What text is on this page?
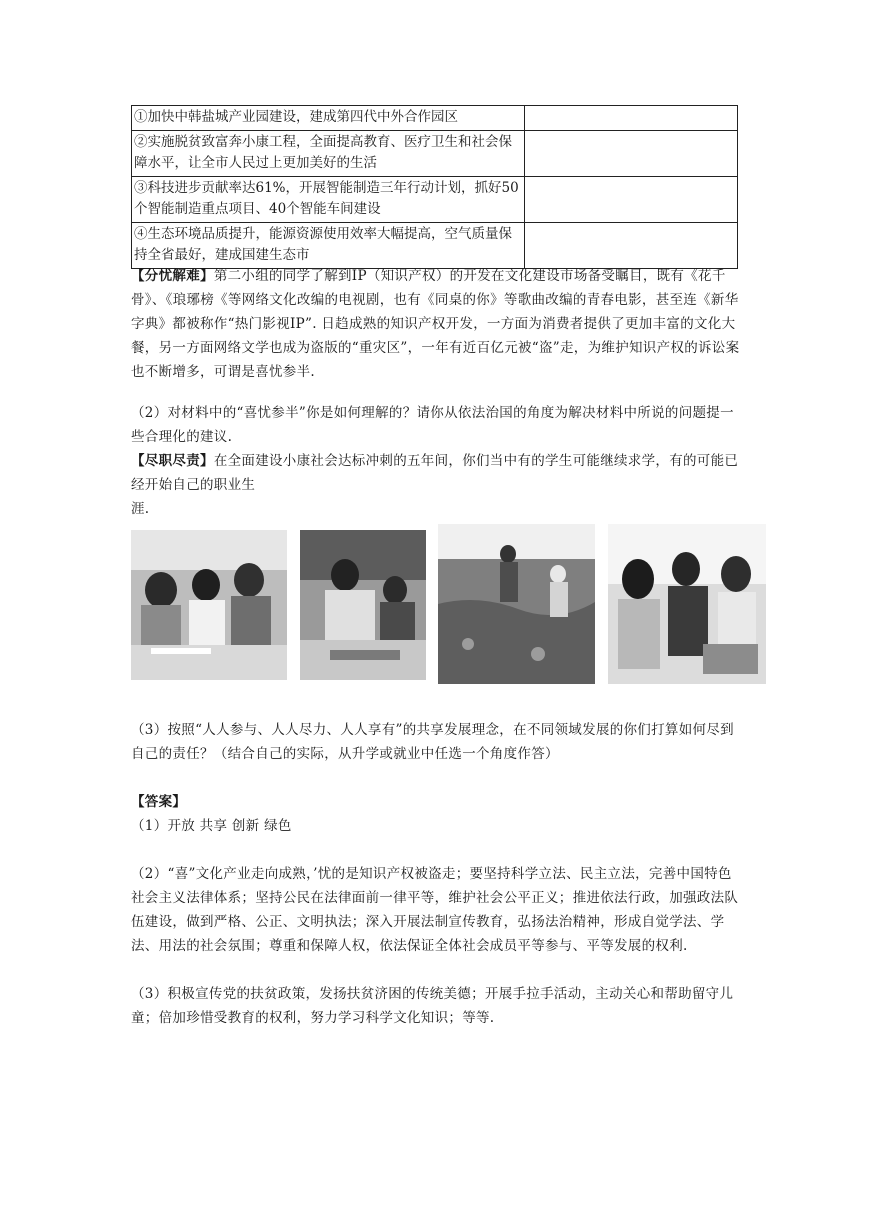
①加快中韩盐城产业园建设，建成第四代中外合作园区	
②实施脱贫致富奔小康工程，全面提高教育、医疗卫生和社会保障水平，让全市人民过上更加美好的生活	
③科技进步贡献率达61%，开展智能制造三年行动计划，抓好50个智能制造重点项目、40个智能车间建设	
④生态环境品质提升，能源资源使用效率大幅提高，空气质量保持全省最好，建成国建生态市	

【分忧解难】第二小组的同学了解到IP（知识产权）的开发在文化建设市场备受瞩目，既有《花千骨》、《琅琊榜《等网络文化改编的电视剧，也有《同桌的你》等歌曲改编的青春电影，甚至连《新华字典》都被称作“热门影视IP”. 日趋成熟的知识产权开发，一方面为消费者提供了更加丰富的文化大餐，另一方面网络文学也成为盗版的“重灾区”，一年有近百亿元被“盗”走，为维护知识产权的诉讼案也不断增多，可谓是喜忧参半.

（2）对材料中的“喜忧参半”你是如何理解的？请你从依法治国的角度为解决材料中所说的问题提一些合理化的建议.

【尽职尽责】在全面建设小康社会达标冲刺的五年间，你们当中有的学生可能继续求学，有的可能已经开始自己的职业生

涯.

（3）按照“人人参与、人人尽力、人人享有”的共享发展理念，在不同领域发展的你们打算如何尽到自己的责任？（结合自己的实际，从升学或就业中任选一个角度作答）

【答案】

（1）开放 共享 创新 绿色

（2）“喜”文化产业走向成熟，’忧的是知识产权被盗走；要坚持科学立法、民主立法，完善中国特色社会主义法律体系；坚持公民在法律面前一律平等，维护社会公平正义；推进依法行政，加强政法队伍建设，做到严格、公正、文明执法；深入开展法制宣传教育，弘扬法治精神，形成自觉学法、学法、用法的社会氛围；尊重和保障人权，依法保证全体社会成员平等参与、平等发展的权利.

（3）积极宣传党的扶贫政策，发扬扶贫济困的传统美德；开展手拉手活动，主动关心和帮助留守儿童；倍加珍惜受教育的权利，努力学习科学文化知识；等等.
